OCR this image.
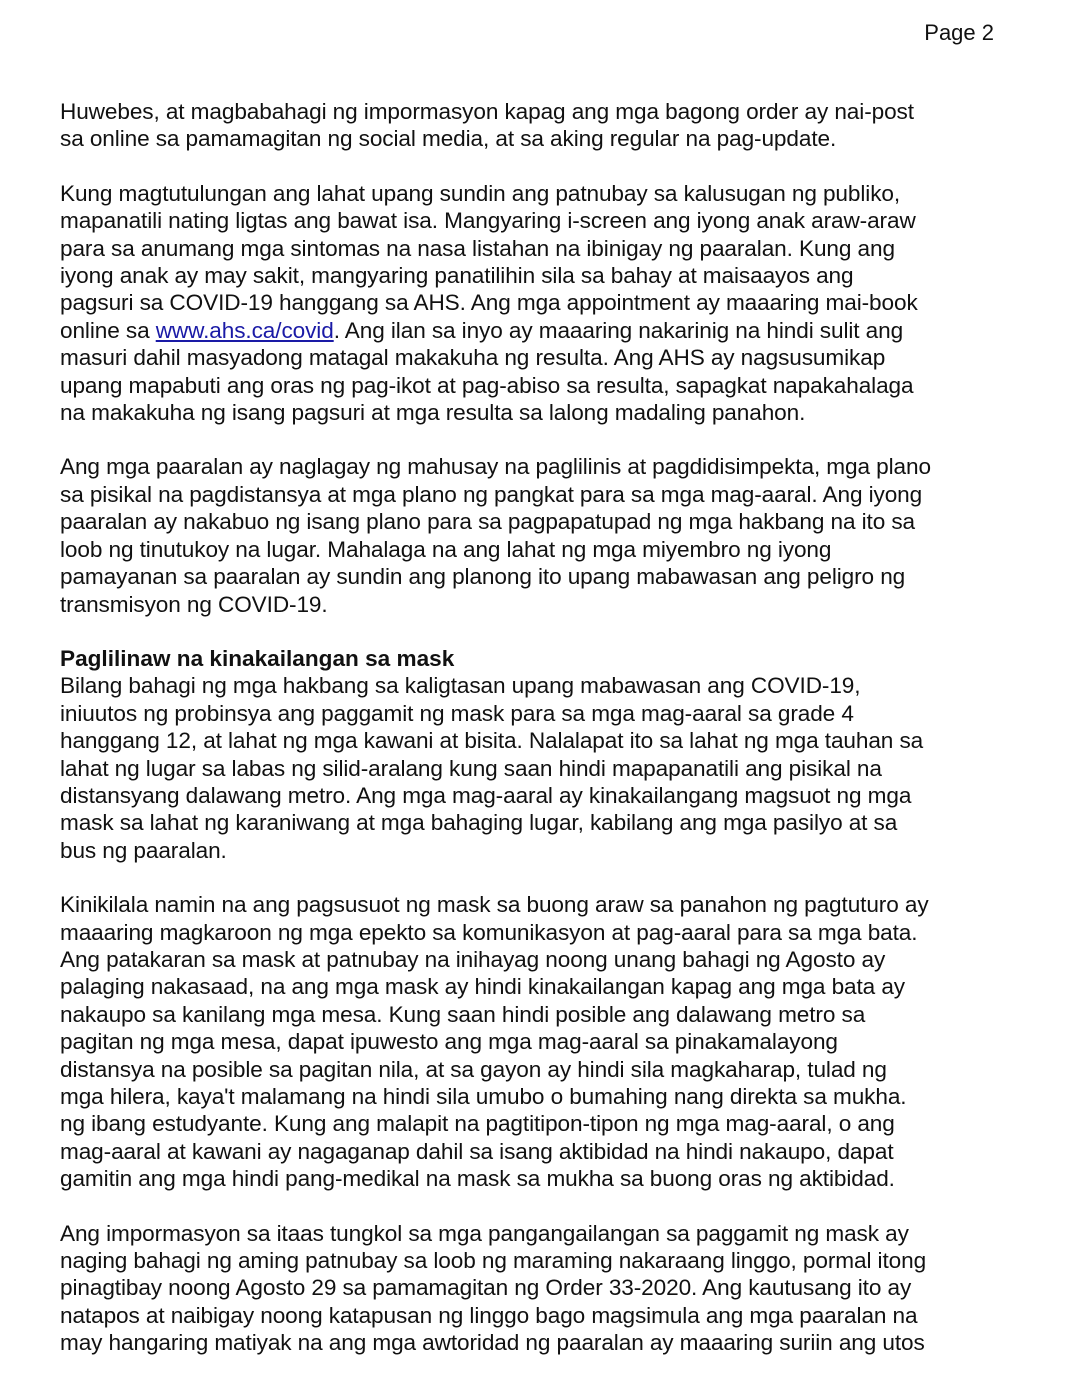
Page 2

Huwebes, at magbabahagi ng impormasyon kapag ang mga bagong order ay nai-post
sa online sa pamamagitan ng social media, at sa aking regular na pag-update.

Kung magtutulungan ang lahat upang sundin ang patnubay sa kalusugan ng publiko,
mapanatili nating ligtas ang bawat isa. Mangyaring i-screen ang iyong anak araw-araw
para sa anumang mga sintomas na nasa listahan na ibinigay ng paaralan. Kung ang
iyong anak ay may sakit, mangyaring panatilihin sila sa bahay at maisaayos ang
pagsuri sa COVID-19 hanggang sa AHS. Ang mga appointment ay maaaring mai-book
online sa www.ahs.ca/covid. Ang ilan sa inyo ay maaaring nakarinig na hindi sulit ang
masuri dahil masyadong matagal makakuha ng resulta. Ang AHS ay nagsusumikap
upang mapabuti ang oras ng pag-ikot at pag-abiso sa resulta, sapagkat napakahalaga
na makakuha ng isang pagsuri at mga resulta sa lalong madaling panahon.

Ang mga paaralan ay naglagay ng mahusay na paglilinis at pagdidisimpekta, mga plano
sa pisikal na pagdistansya at mga plano ng pangkat para sa mga mag-aaral. Ang iyong
paaralan ay nakabuo ng isang plano para sa pagpapatupad ng mga hakbang na ito sa
loob ng tinutukoy na lugar. Mahalaga na ang lahat ng mga miyembro ng iyong
pamayanan sa paaralan ay sundin ang planong ito upang mabawasan ang peligro ng
transmisyon ng COVID-19.

Paglilinaw na kinakailangan sa mask
Bilang bahagi ng mga hakbang sa kaligtasan upang mabawasan ang COVID-19,
iniuutos ng probinsya ang paggamit ng mask para sa mga mag-aaral sa grade 4
hanggang 12, at lahat ng mga kawani at bisita. Nalalapat ito sa lahat ng mga tauhan sa
lahat ng lugar sa labas ng silid-aralang kung saan hindi mapapanatili ang pisikal na
distansyang dalawang metro. Ang mga mag-aaral ay kinakailangang magsuot ng mga
mask sa lahat ng karaniwang at mga bahaging lugar, kabilang ang mga pasilyo at sa
bus ng paaralan.

Kinikilala namin na ang pagsusuot ng mask sa buong araw sa panahon ng pagtuturo ay
maaaring magkaroon ng mga epekto sa komunikasyon at pag-aaral para sa mga bata.
Ang patakaran sa mask at patnubay na inihayag noong unang bahagi ng Agosto ay
palaging nakasaad, na ang mga mask ay hindi kinakailangan kapag ang mga bata ay
nakaupo sa kanilang mga mesa. Kung saan hindi posible ang dalawang metro sa
pagitan ng mga mesa, dapat ipuwesto ang mga mag-aaral sa pinakamalayong
distansya na posible sa pagitan nila, at sa gayon ay hindi sila magkaharap, tulad ng
mga hilera, kaya't malamang na hindi sila umubo o bumahing nang direkta sa mukha.
ng ibang estudyante. Kung ang malapit na pagtitipon-tipon ng mga mag-aaral, o ang
mag-aaral at kawani ay nagaganap dahil sa isang aktibidad na hindi nakaupo, dapat
gamitin ang mga hindi pang-medikal na mask sa mukha sa buong oras ng aktibidad.

Ang impormasyon sa itaas tungkol sa mga pangangailangan sa paggamit ng mask ay
naging bahagi ng aming patnubay sa loob ng maraming nakaraang linggo, pormal itong
pinagtibay noong Agosto 29 sa pamamagitan ng Order 33-2020. Ang kautusang ito ay
natapos at naibigay noong katapusan ng linggo bago magsimula ang mga paaralan na
may hangaring matiyak na ang mga awtoridad ng paaralan ay maaaring suriin ang utos
